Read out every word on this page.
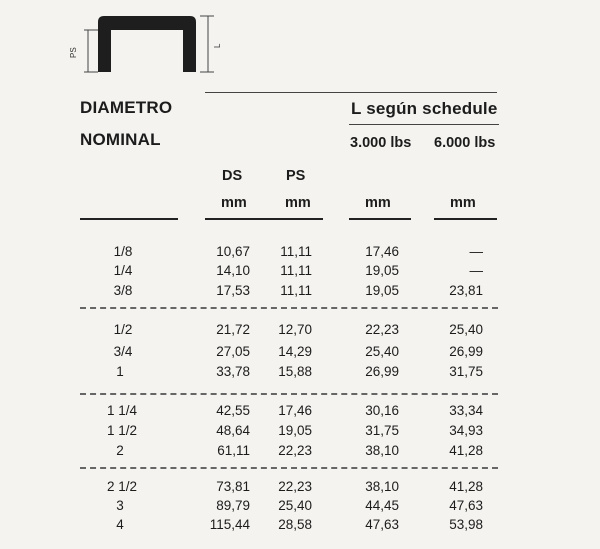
PS
L
DIAMETRO
NOMINAL
L según schedule
3.000 lbs 6.000 lbs
DS	PS
mm	mm	mm	mm
1/8	10,67	11,11	17,46	—
1/4	14,10	11,11	19,05	—
3/8	17,53	11,11	19,05	23,81
1/2	21,72	12,70	22,23	25,40
3/4	27,05	14,29	25,40	26,99
1	33,78	15,88	26,99	31,75
1 1/4	42,55	17,46	30,16	33,34
1 1/2	48,64	19,05	31,75	34,93
2	61,11	22,23	38,10	41,28
2 1/2	73,81	22,23	38,10	41,28
3	89,79	25,40	44,45	47,63
4	115,44	28,58	47,63	53,98
